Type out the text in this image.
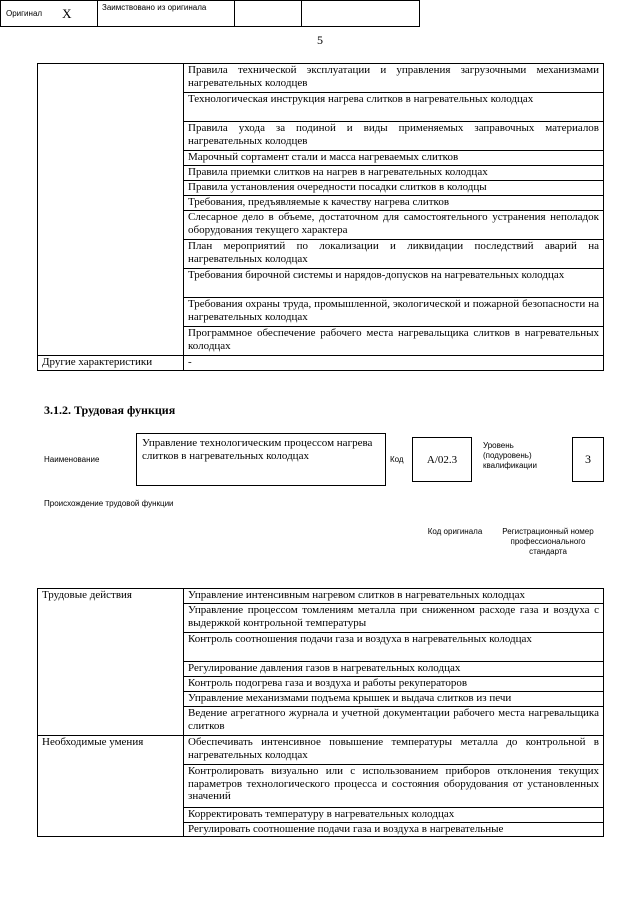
5
	Правила технической эксплуатации и управления загрузочными механизмами нагревательных колодцев
	Технологическая инструкция нагрева слитков в нагревательных колодцах
	Правила ухода за подиной и виды применяемых заправочных материалов нагревательных колодцев
	Марочный сортамент стали и масса нагреваемых слитков
	Правила приемки слитков на нагрев в нагревательных колодцах
	Правила установления очередности посадки слитков в колодцы
	Требования, предъявляемые к качеству нагрева слитков
	Слесарное дело в объеме, достаточном для самостоятельного устранения неполадок оборудования текущего характера
	План мероприятий по локализации и ликвидации последствий аварий на нагревательных колодцах
	Требования бирочной системы и нарядов-допусков на нагревательных колодцах
	Требования охраны труда, промышленной, экологической и пожарной безопасности на нагревательных колодцах
	Программное обеспечение рабочего места нагревальщика слитков в нагревательных колодцах
Другие характеристики	-
3.1.2. Трудовая функция
Наименование
Управление технологическим процессом нагрева слитков в нагревательных колодцах	Код А/02.3
Уровень (подуровень) квалификации	3
Происхождение трудовой функции
Оригинал	Х	Заимствовано из оригинала
Код оригинала	Регистрационный номер профессионального стандарта
Трудовые действия	Управление интенсивным нагревом слитков в нагревательных колодцах
	Управление процессом томлениям металла при сниженном расходе газа и воздуха с выдержкой контрольной температуры
	Контроль соотношения подачи газа и воздуха в нагревательных колодцах
	Регулирование давления газов в нагревательных колодцах
	Контроль подогрева газа и воздуха и работы рекуператоров
	Управление механизмами подъема крышек и выдача слитков из печи
	Ведение агрегатного журнала и учетной документации рабочего места нагревальщика слитков
Необходимые умения	Обеспечивать интенсивное повышение температуры металла до контрольной в нагревательных колодцах
	Контролировать визуально или с использованием приборов отклонения текущих параметров технологического процесса и состояния оборудования от установленных значений
	Корректировать температуру в нагревательных колодцах
	Регулировать соотношение подачи газа и воздуха в нагревательные
